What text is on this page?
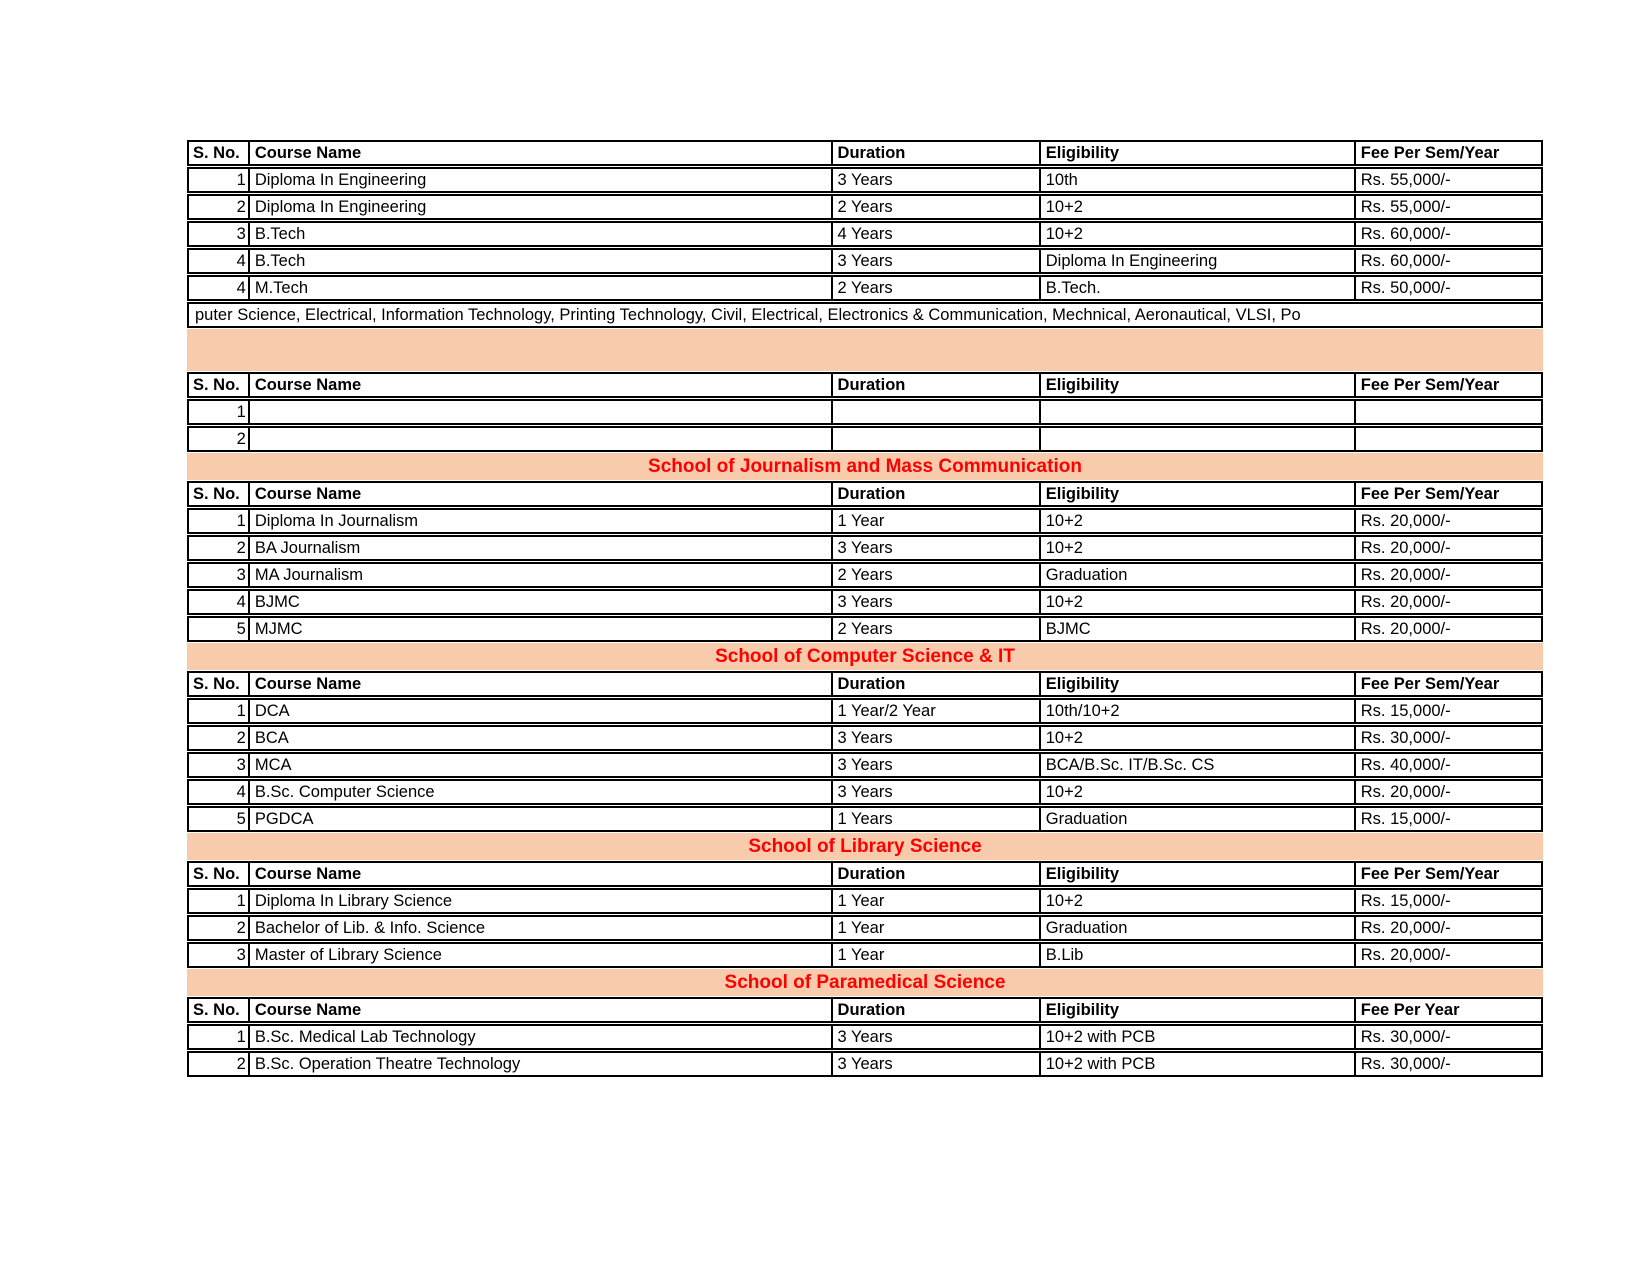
S. No. Course Name	Duration	Eligibility	Fee Per Sem/Year
1 Diploma In Engineering	3 Years	10th	Rs. 55,000/-
2 Diploma In Engineering	2 Years	10+2	Rs. 55,000/-
3 B.Tech	4 Years	10+2	Rs. 60,000/-
4 B.Tech	3 Years	Diploma In Engineering	Rs. 60,000/-
4 M.Tech	2 Years	B.Tech.	Rs. 50,000/-
puter Science, Electrical, Information Technology, Printing Technology, Civil, Electrical, Electronics & Communication, Mechnical, Aeronautical, VLSI, Po
S. No. Course Name	Duration	Eligibility	Fee Per Sem/Year
1
2
School of Journalism and Mass Communication
S. No. Course Name	Duration	Eligibility	Fee Per Sem/Year
1 Diploma In Journalism	1 Year	10+2	Rs. 20,000/-
2 BA Journalism	3 Years	10+2	Rs. 20,000/-
3 MA Journalism	2 Years	Graduation	Rs. 20,000/-
4 BJMC	3 Years	10+2	Rs. 20,000/-
5 MJMC	2 Years	BJMC	Rs. 20,000/-
School of Computer Science & IT
S. No. Course Name	Duration	Eligibility	Fee Per Sem/Year
1 DCA	1 Year/2 Year	10th/10+2	Rs. 15,000/-
2 BCA	3 Years	10+2	Rs. 30,000/-
3 MCA	3 Years	BCA/B.Sc. IT/B.Sc. CS	Rs. 40,000/-
4 B.Sc. Computer Science	3 Years	10+2	Rs. 20,000/-
5 PGDCA	1 Years	Graduation	Rs. 15,000/-
School of Library Science
S. No. Course Name	Duration	Eligibility	Fee Per Sem/Year
1 Diploma In Library Science	1 Year	10+2	Rs. 15,000/-
2 Bachelor of Lib. & Info. Science	1 Year	Graduation	Rs. 20,000/-
3 Master of Library Science	1 Year	B.Lib	Rs. 20,000/-
School of Paramedical Science
S. No. Course Name	Duration	Eligibility	Fee Per Year
1 B.Sc. Medical Lab Technology	3 Years	10+2 with PCB	Rs. 30,000/-
2 B.Sc. Operation Theatre Technology	3 Years	10+2 with PCB	Rs. 30,000/-
